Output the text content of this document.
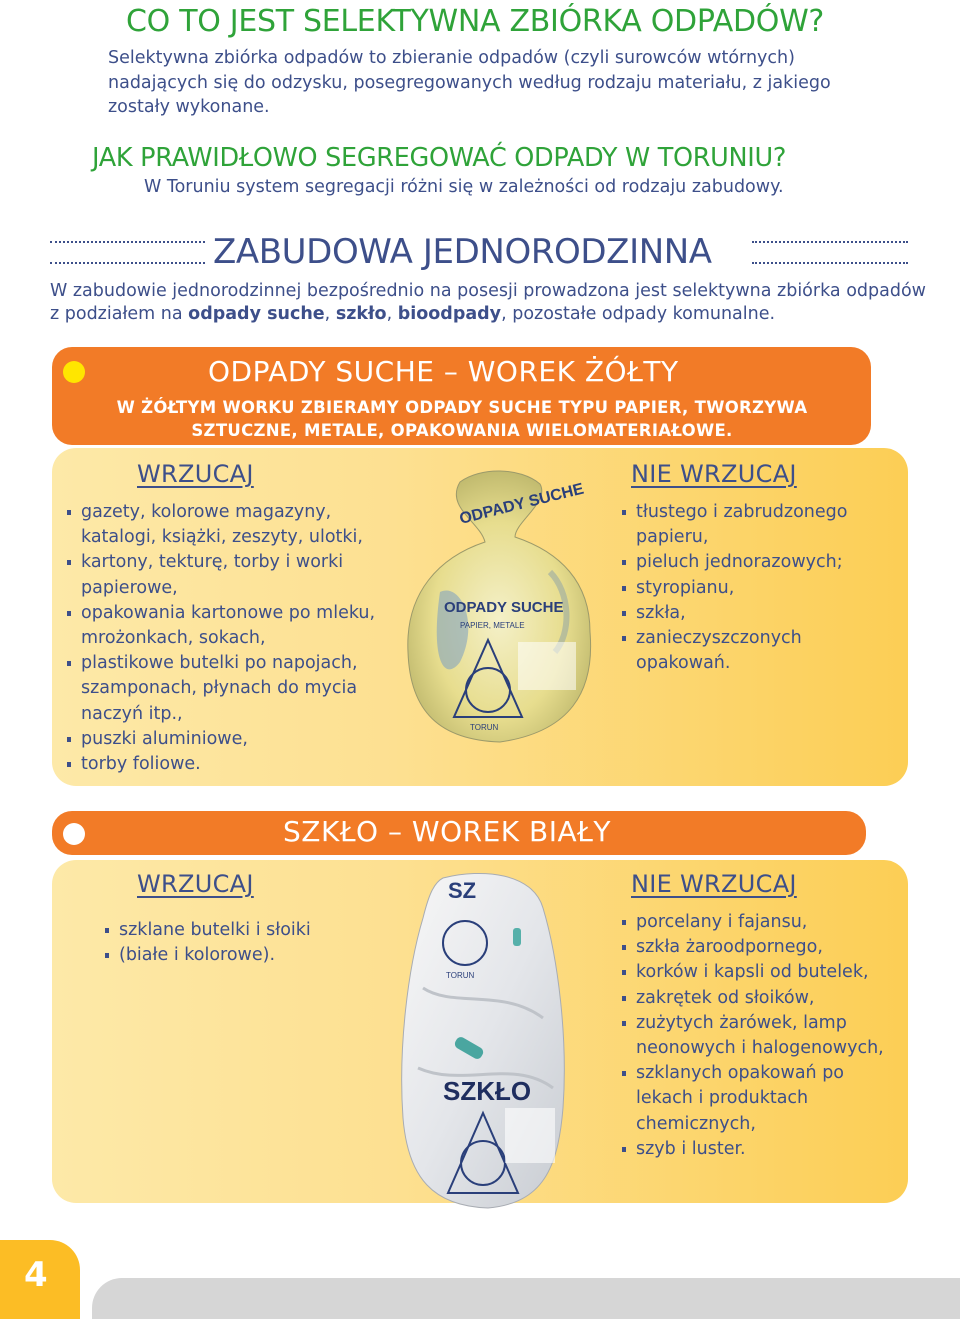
CO TO JEST SELEKTYWNA ZBIÓRKA ODPADÓW?
Selektywna zbiórka odpadów to zbieranie odpadów (czyli surowców wtórnych) nadających się do odzysku, posegregowanych według rodzaju materiału, z jakiego zostały wykonane.
JAK PRAWIDŁOWO SEGREGOWAĆ ODPADY W TORUNIU?
W Toruniu system segregacji różni się w zależności od rodzaju zabudowy.
ZABUDOWA JEDNORODZINNA
W zabudowie jednorodzinnej bezpośrednio na posesji prowadzona jest selektywna zbiórka odpadów z podziałem na odpady suche, szkło, bioodpady, pozostałe odpady komunalne.
ODPADY SUCHE – WOREK ŻÓŁTY
W ŻÓŁTYM WORKU ZBIERAMY ODPADY SUCHE TYPU PAPIER, TWORZYWA SZTUCZNE, METALE, OPAKOWANIA WIELOMATERIAŁOWE.
WRZUCAJ	NIE WRZUCAJ
gazety, kolorowe magazyny, katalogi, książki, zeszyty, ulotki,
kartony, tekturę, torby i worki papierowe,
opakowania kartonowe po mleku, mrożonkach, sokach,
plastikowe butelki po napojach, szamponach, płynach do mycia naczyń itp.,
puszki aluminiowe,
torby foliowe.
tłustego i zabrudzonego papieru,
pieluch jednorazowych;
styropianu,
szkła,
zanieczyszczonych opakowań.
ODPADY SUCHE
ODPADY SUCHE
PAPIER, METALE
TORUN
SZKŁO – WOREK BIAŁY
WRZUCAJ	NIE WRZUCAJ
szklane butelki i słoiki
(białe i kolorowe).
porcelany i fajansu,
szkła żaroodpornego,
korków i kapsli od butelek,
zakrętek od słoików,
zużytych żarówek, lamp neonowych i halogenowych,
szklanych opakowań po lekach i produktach chemicznych,
szyb i luster.
SZ
TORUN
SZKŁO
4
